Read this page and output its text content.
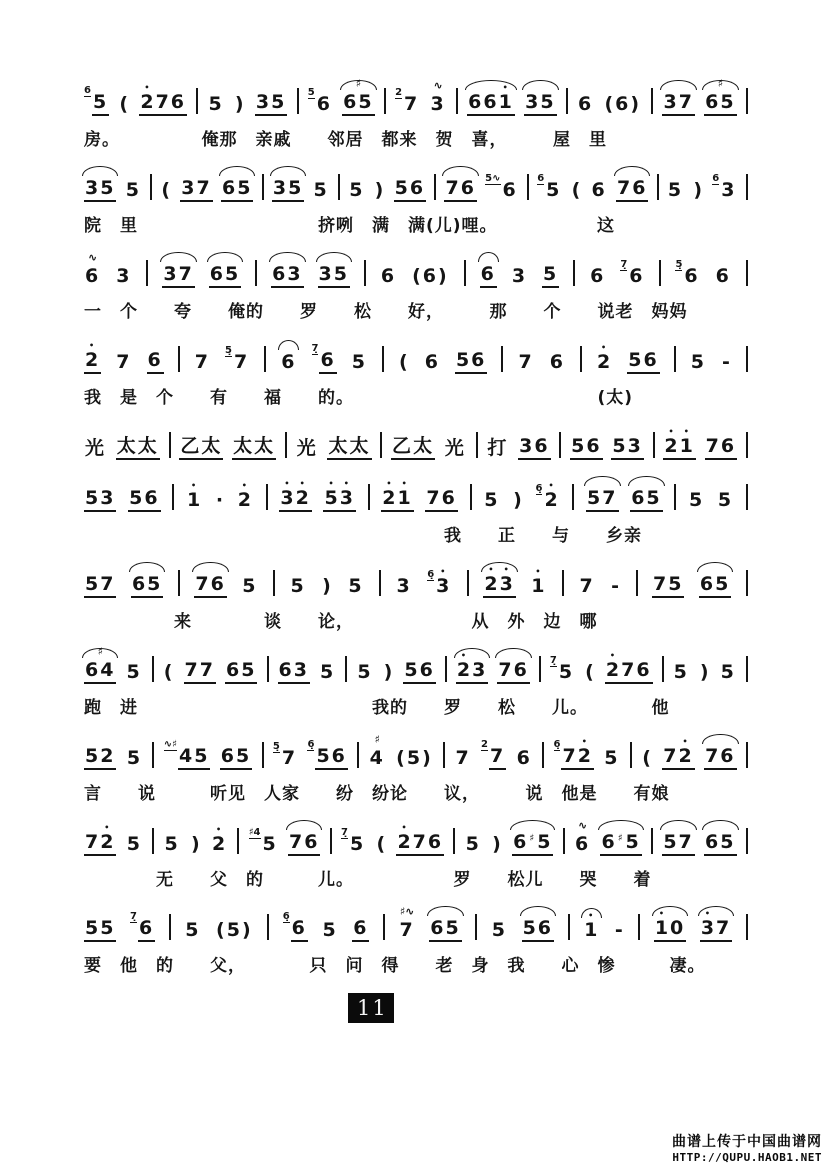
6
5 ( • 276 5 ) 35 5
6
♯
65 2
7
∿
3 66• 1 35 6 (6) 37
♯
65
房。　　　　　俺那　亲戚　　邻居　都来　贺　喜，　　　屋　里
35 5 ( 37 65 35 5 5 ) 56 76 5∿
6
6
5 ( 6 76 5 )
6
3
院　里　　　　　　　　　　挤咧　满　满(儿)哩。　　　　　　这
∿
6 3 37 65 63 35 6 (6) 6 3 5 6
7̣
6
5̣
6 6
一　个　　夸　　俺的　　罗　　松　　好，　　　那　　个　　说老　妈妈
• 2 7 6 7
5̣
7 6
7̣
6 5 ( 6 56 7 6 • 2 56 5 -
我　是　个　　有　　福　　的。　　　　　　　　　　　　　　(太)
光 太太 乙太 太太 光 太太 乙太 光 打 36 56 53 • 2• 1 76
53 56 • 1 · • 2 • 3• 2 • 5• 3 • 2• 1 76 5 )
6̣
• 2 57 65 5 5
　　　　　　　　　　　　　　　　　　　　我　　正　　与　　乡亲
57 65 76 5 5 ) 5 3
6̣
• 3 • 2• 3 • 1 7 - 75 65
　　　　　来　　　　谈　　论，　　　　　　　从　外　边　哪
♯
64 5 ( 77 65 63 5 5 ) 56 • 23 76 7̣
5 ( • 276 5 ) 5
跑　进　　　　　　　　　　　　　我的　　罗　　松　　儿。　　　　他
52 5
∿♯
45 65 5̣
7
6̣
56
♯
4 (5) 7
2
7 6
6̣
7• 2 5 ( 7• 2 76
言　　说　　　听见　人家　　纷　纷论　　议，　　　说　他是　　有娘
7• 2 5 5 ) • 2
♯4
5 76 7̣
5 ( • 276 5 ) 6♯5
∿
6 6♯5 57 65
　　　　无　　父　的　　　儿。　　　　　　罗　　松儿　　哭　　着
55
7̣
6 5 (5)
6̣
6 5 6
♯∿
7 65 5 56 • 1 - • 10 • 37
要　他　的　　父，　　　　只　问　得　　老　身　我　　心　惨　　　凄。
11
曲谱上传于中国曲谱网
HTTP://QUPU.HAOB1.NET
